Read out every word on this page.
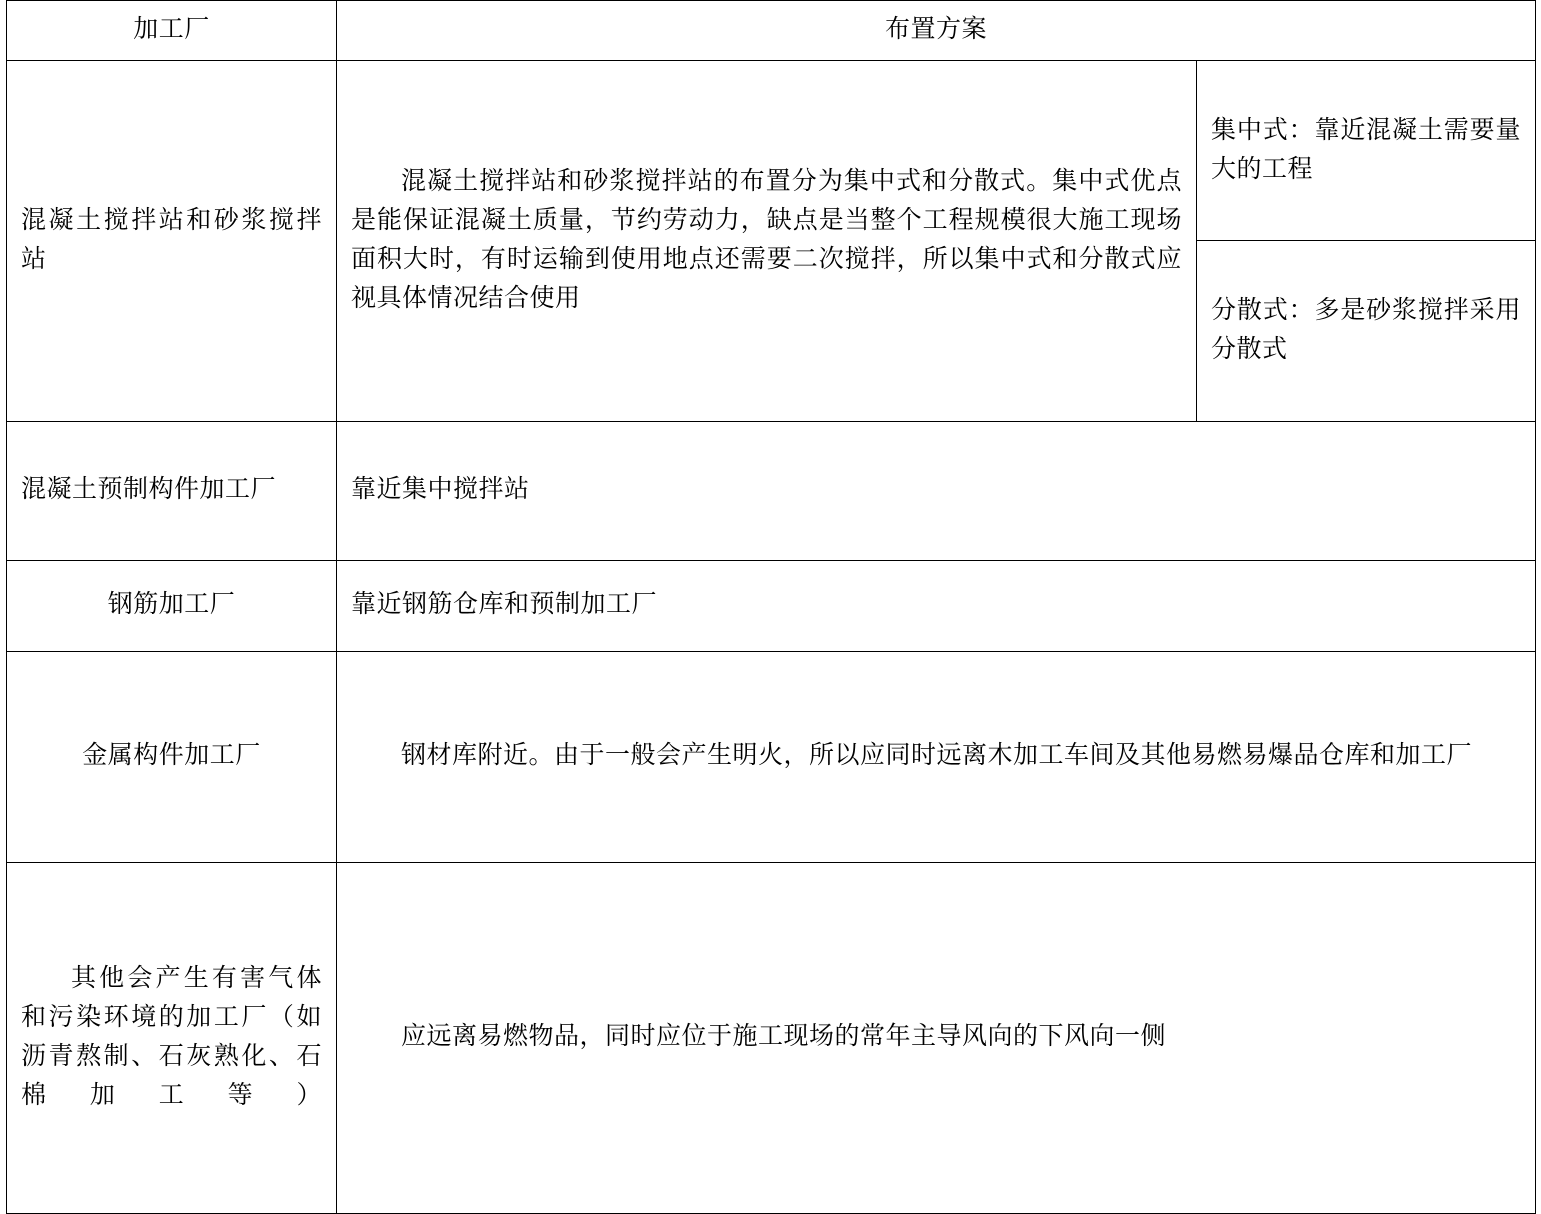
加工厂	布置方案	
混凝土搅拌站和砂浆搅拌站	混凝土搅拌站和砂浆搅拌站的布置分为集中式和分散式。集中式优点是能保证混凝土质量，节约劳动力，缺点是当整个工程规模很大施工现场面积大时，有时运输到使用地点还需要二次搅拌，所以集中式和分散式应视具体情况结合使用	集中式：靠近混凝土需要量大的工程
		分散式：多是砂浆搅拌采用分散式
混凝土预制构件加工厂	靠近集中搅拌站	
钢筋加工厂	靠近钢筋仓库和预制加工厂	
金属构件加工厂	钢材库附近。由于一般会产生明火，所以应同时远离木加工车间及其他易燃易爆品仓库和加工厂	
其他会产生有害气体和污染环境的加工厂（如沥青熬制、石灰熟化、石棉加工等）	应远离易燃物品，同时应位于施工现场的常年主导风向的下风向一侧	
